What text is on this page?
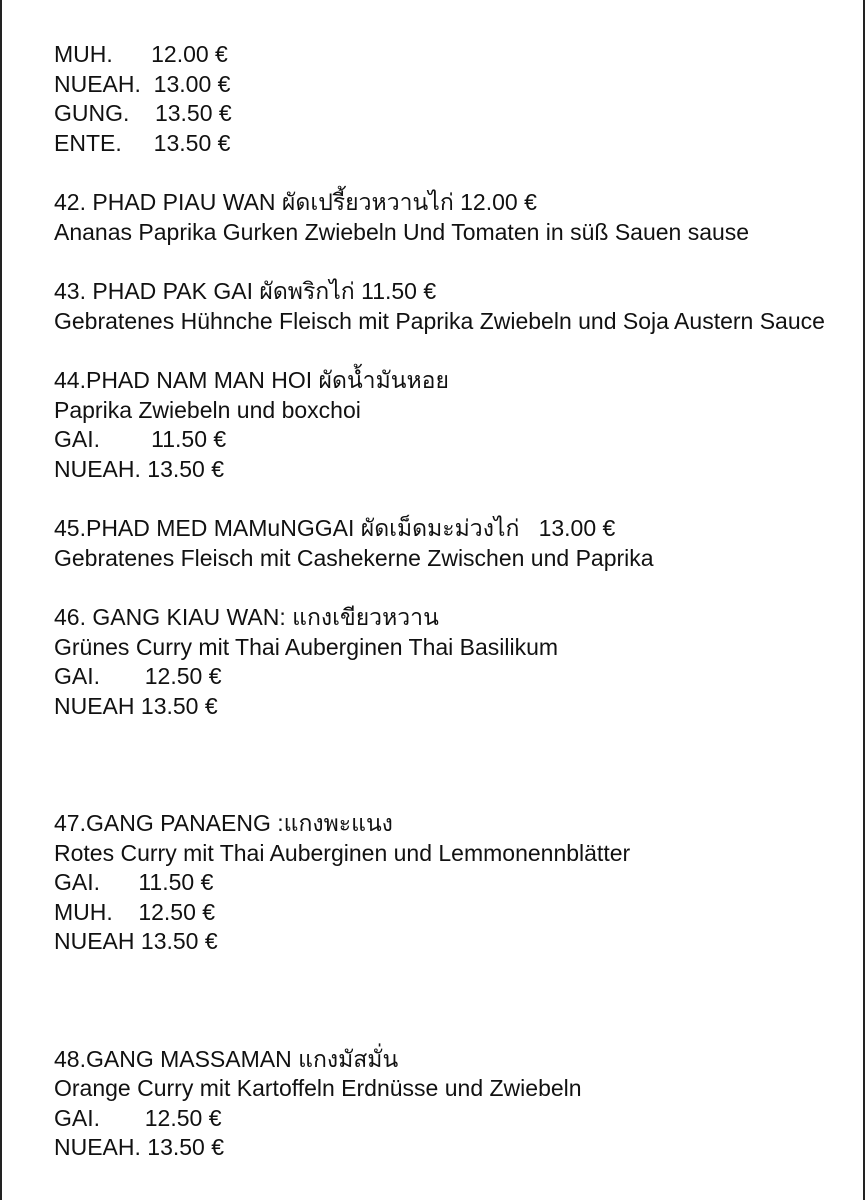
MUH.      12.00 €

NUEAH.  13.00 €

GUNG.    13.50 €

ENTE.     13.50 €

42. PHAD PIAU WAN ผัดเปรี้ยวหวานไก่ 12.00 €

Ananas Paprika Gurken Zwiebeln Und Tomaten in süß Sauen sause

43. PHAD PAK GAI ผัดพริกไก่ 11.50 €

Gebratenes Hühnche Fleisch mit Paprika Zwiebeln und Soja Austern Sauce

44.PHAD NAM MAN HOI ผัดน้ำมันหอย

Paprika Zwiebeln und boxchoi

GAI.        11.50 €

NUEAH. 13.50 €

45.PHAD MED MAMuNGGAI ผัดเม็ดมะม่วงไก่   13.00 €

Gebratenes Fleisch mit Cashekerne Zwischen und Paprika

46. GANG KIAU WAN: แกงเขียวหวาน

Grünes Curry mit Thai Auberginen Thai Basilikum

GAI.       12.50 €

NUEAH 13.50 €

47.GANG PANAENG :แกงพะแนง

Rotes Curry mit Thai Auberginen und Lemmonennblätter

GAI.      11.50 €

MUH.    12.50 €

NUEAH 13.50 €

48.GANG MASSAMAN แกงมัสมั่น

Orange Curry mit Kartoffeln Erdnüsse und Zwiebeln

GAI.       12.50 €

NUEAH. 13.50 €
